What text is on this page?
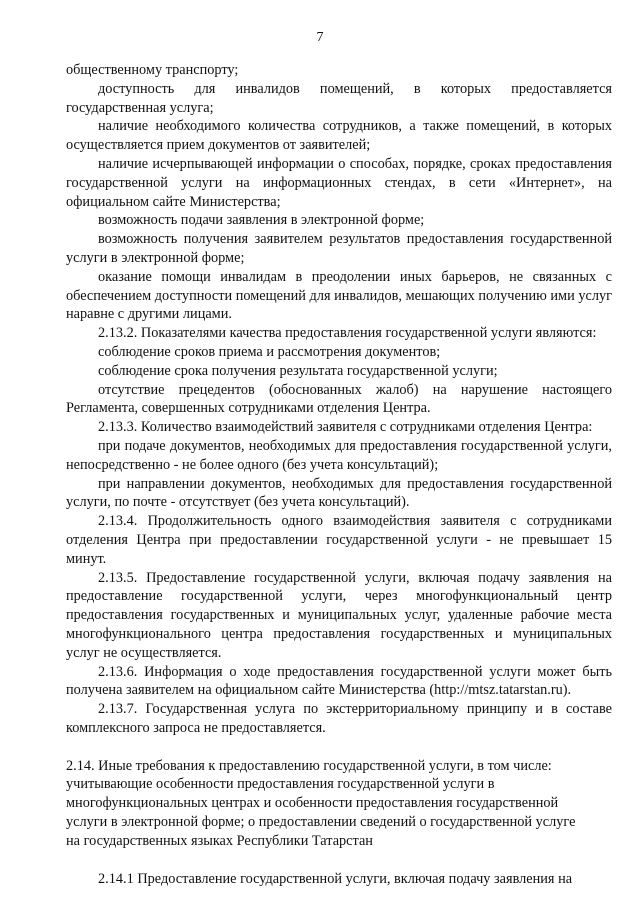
7

общественному транспорту;

доступность для инвалидов помещений, в которых предоставляется государственная услуга;

наличие необходимого количества сотрудников, а также помещений, в которых осуществляется прием документов от заявителей;

наличие исчерпывающей информации о способах, порядке, сроках предоставления государственной услуги на информационных стендах, в сети «Интернет», на официальном сайте Министерства;

возможность подачи заявления в электронной форме;

возможность получения заявителем результатов предоставления государственной услуги в электронной форме;

оказание помощи инвалидам в преодолении иных барьеров, не связанных с обеспечением доступности помещений для инвалидов, мешающих получению ими услуг наравне с другими лицами.

2.13.2. Показателями качества предоставления государственной услуги являются:

соблюдение сроков приема и рассмотрения документов;

соблюдение срока получения результата государственной услуги;

отсутствие прецедентов (обоснованных жалоб) на нарушение настоящего Регламента, совершенных сотрудниками отделения Центра.

2.13.3. Количество взаимодействий заявителя с сотрудниками отделения Центра:

при подаче документов, необходимых для предоставления государственной услуги, непосредственно - не более одного (без учета консультаций);

при направлении документов, необходимых для предоставления государственной услуги, по почте - отсутствует (без учета консультаций).

2.13.4. Продолжительность одного взаимодействия заявителя с сотрудниками отделения Центра при предоставлении государственной услуги - не превышает 15 минут.

2.13.5. Предоставление государственной услуги, включая подачу заявления на предоставление государственной услуги, через многофункциональный центр предоставления государственных и муниципальных услуг, удаленные рабочие места многофункционального центра предоставления государственных и муниципальных услуг не осуществляется.

2.13.6. Информация о ходе предоставления государственной услуги может быть получена заявителем на официальном сайте Министерства (http://mtsz.tatarstan.ru).

2.13.7. Государственная услуга по экстерриториальному принципу и в составе комплексного запроса не предоставляется.

2.14. Иные требования к предоставлению государственной услуги, в том числе:

учитывающие особенности предоставления государственной услуги в

многофункциональных центрах и особенности предоставления государственной

услуги в электронной форме; о предоставлении сведений о государственной услуге

на государственных языках Республики Татарстан

2.14.1 Предоставление государственной услуги, включая подачу заявления на
